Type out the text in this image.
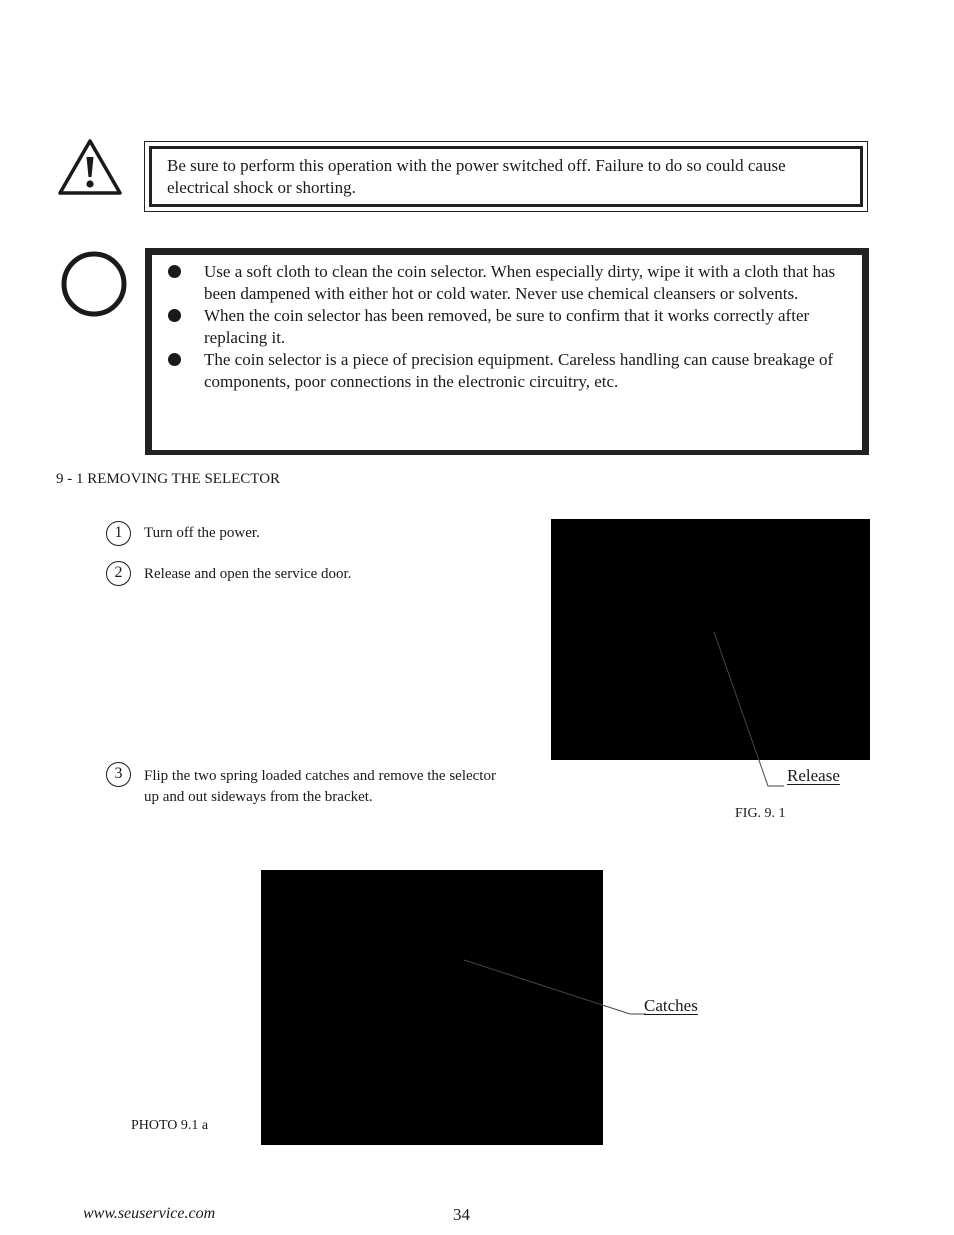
Be sure to perform this operation with the power switched off. Failure to do so could cause electrical shock or shorting.
Use a soft cloth to clean the coin selector. When especially dirty, wipe it with a cloth that has been dampened with either hot or cold water. Never use chemical cleansers or solvents.
When the coin selector has been removed, be sure to confirm that it works correctly after replacing it.
The coin selector is a piece of precision equipment. Careless handling can cause breakage of components, poor connections in the electronic circuitry, etc.
9 - 1 REMOVING THE SELECTOR
1	Turn off the power.
2	Release and open the service door.
3	Flip the two spring loaded catches and remove the selector up and out sideways from the bracket.
Release
FIG. 9. 1
Catches
PHOTO 9.1 a
www.seuservice.com	34
